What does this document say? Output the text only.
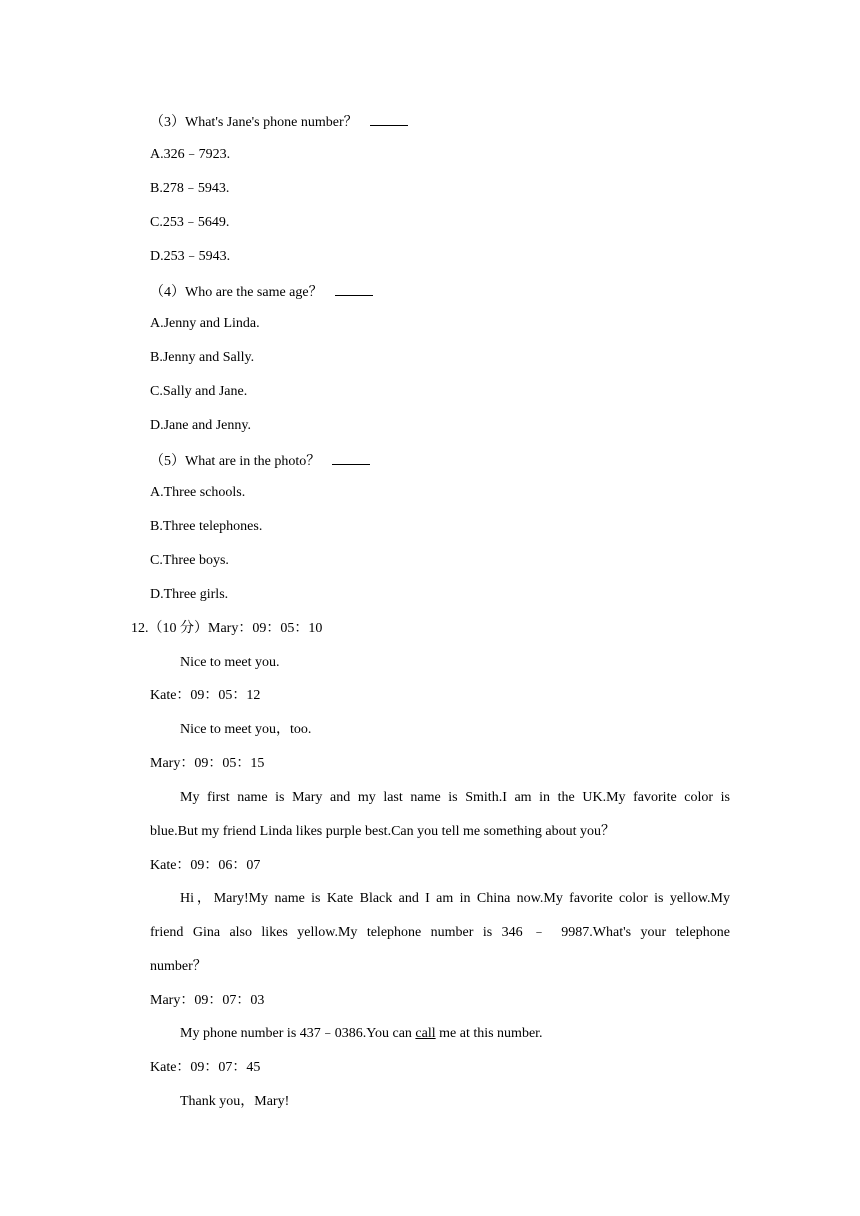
（3）What's Jane's phone number？
A.326﹣7923.
B.278﹣5943.
C.253﹣5649.
D.253﹣5943.
（4）Who are the same age？
A.Jenny and Linda.
B.Jenny and Sally.
C.Sally and Jane.
D.Jane and Jenny.
（5）What are in the photo？
A.Three schools.
B.Three telephones.
C.Three boys.
D.Three girls.
12.（10 分）Mary：09：05：10
Nice to meet you.
Kate：09：05：12
Nice to meet you，too.
Mary：09：05：15
My first name is Mary and my last name is Smith.I am in the UK.My favorite color is
blue.But my friend Linda likes purple best.Can you tell me something about you？
Kate：09：06：07
Hi，Mary!My name is Kate Black and I am in China now.My favorite color is yellow.My
friend Gina also likes yellow.My telephone number is 346 ﹣ 9987.What's your telephone
number？
Mary：09：07：03
My phone number is 437﹣0386.You can call me at this number.
Kate：09：07：45
Thank you，Mary!
